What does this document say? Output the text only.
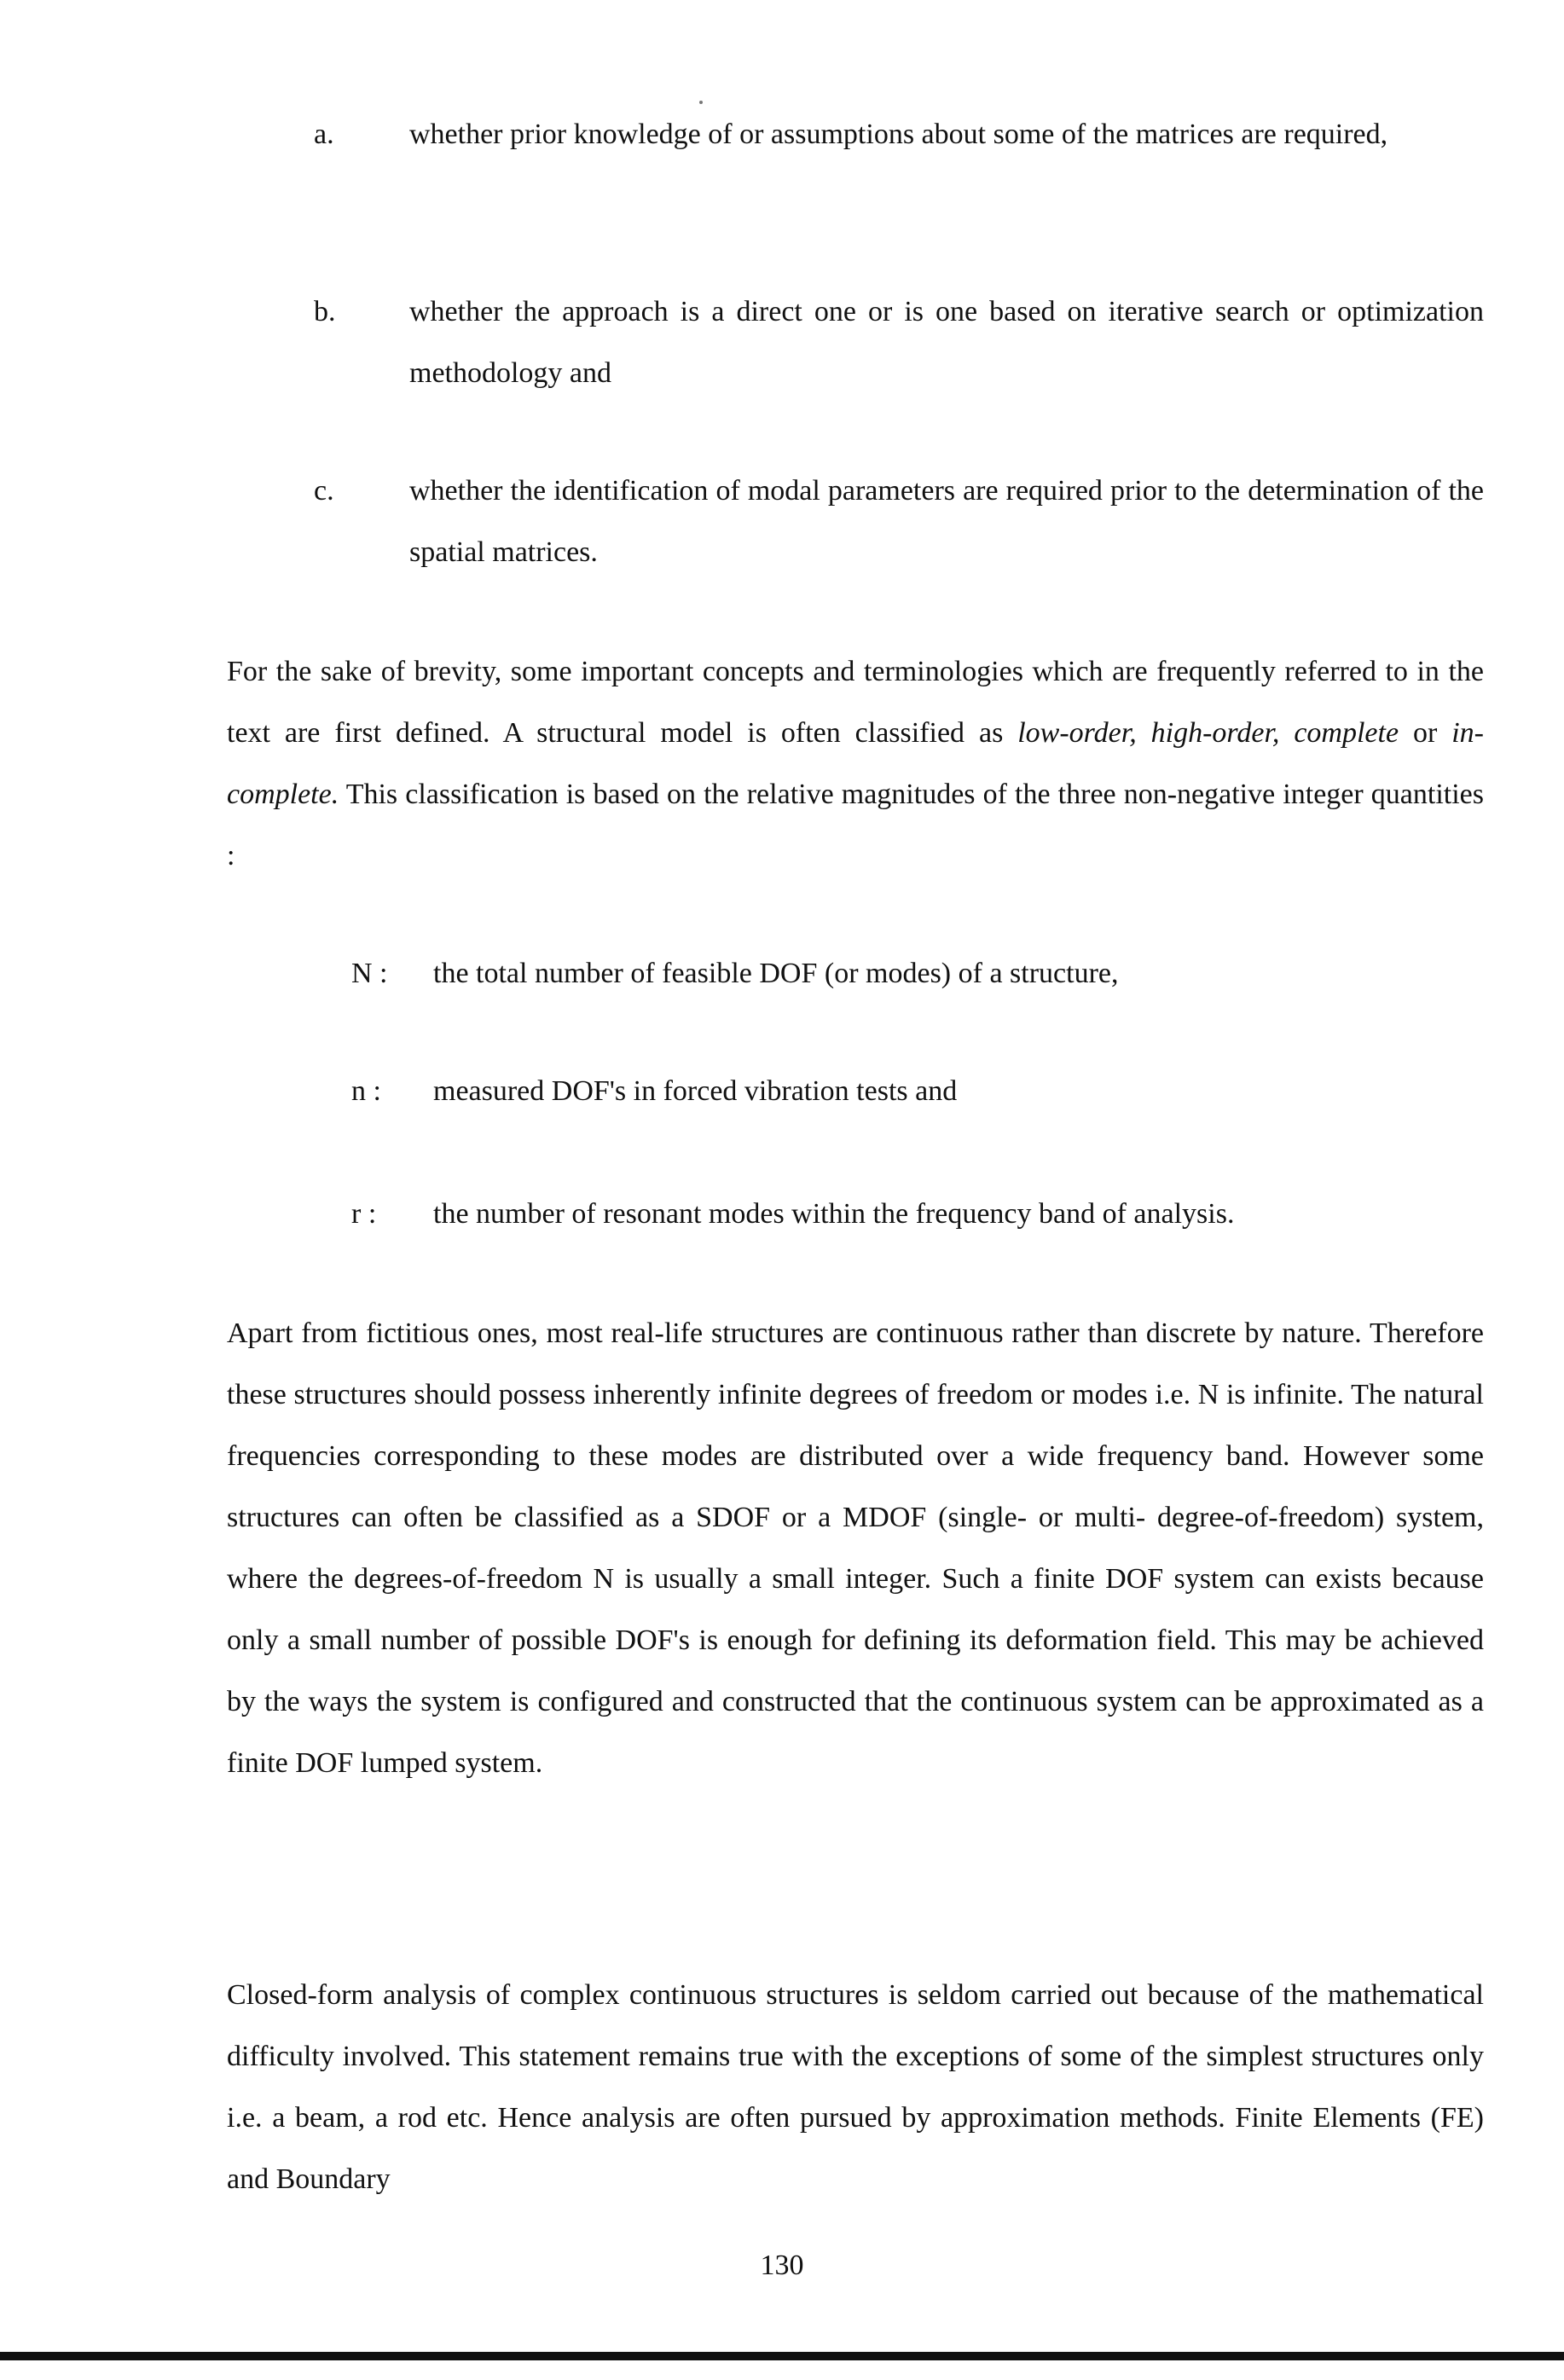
a.	whether prior knowledge of or assumptions about some of the matrices are required,
b.	whether the approach is a direct one or is one based on iterative search or optimization methodology and
c.	whether the identification of modal parameters are required prior to the determination of the spatial matrices.
For the sake of brevity, some important concepts and terminologies which are frequently referred to in the text are first defined. A structural model is often classified as low-order, high-order, complete or in-complete. This classification is based on the relative magnitudes of the three non-negative integer quantities :
N : the total number of feasible DOF (or modes) of a structure,
n : measured DOF's in forced vibration tests and
r : the number of resonant modes within the frequency band of analysis.
Apart from fictitious ones, most real-life structures are continuous rather than discrete by nature. Therefore these structures should possess inherently infinite degrees of freedom or modes i.e. N is infinite. The natural frequencies corresponding to these modes are distributed over a wide frequency band. However some structures can often be classified as a SDOF or a MDOF (single- or multi- degree-of-freedom) system, where the degrees-of-freedom N is usually a small integer. Such a finite DOF system can exists because only a small number of possible DOF's is enough for defining its deformation field. This may be achieved by the ways the system is configured and constructed that the continuous system can be approximated as a finite DOF lumped system.
Closed-form analysis of complex continuous structures is seldom carried out because of the mathematical difficulty involved. This statement remains true with the exceptions of some of the simplest structures only i.e. a beam, a rod etc. Hence analysis are often pursued by approximation methods. Finite Elements (FE) and Boundary
130
